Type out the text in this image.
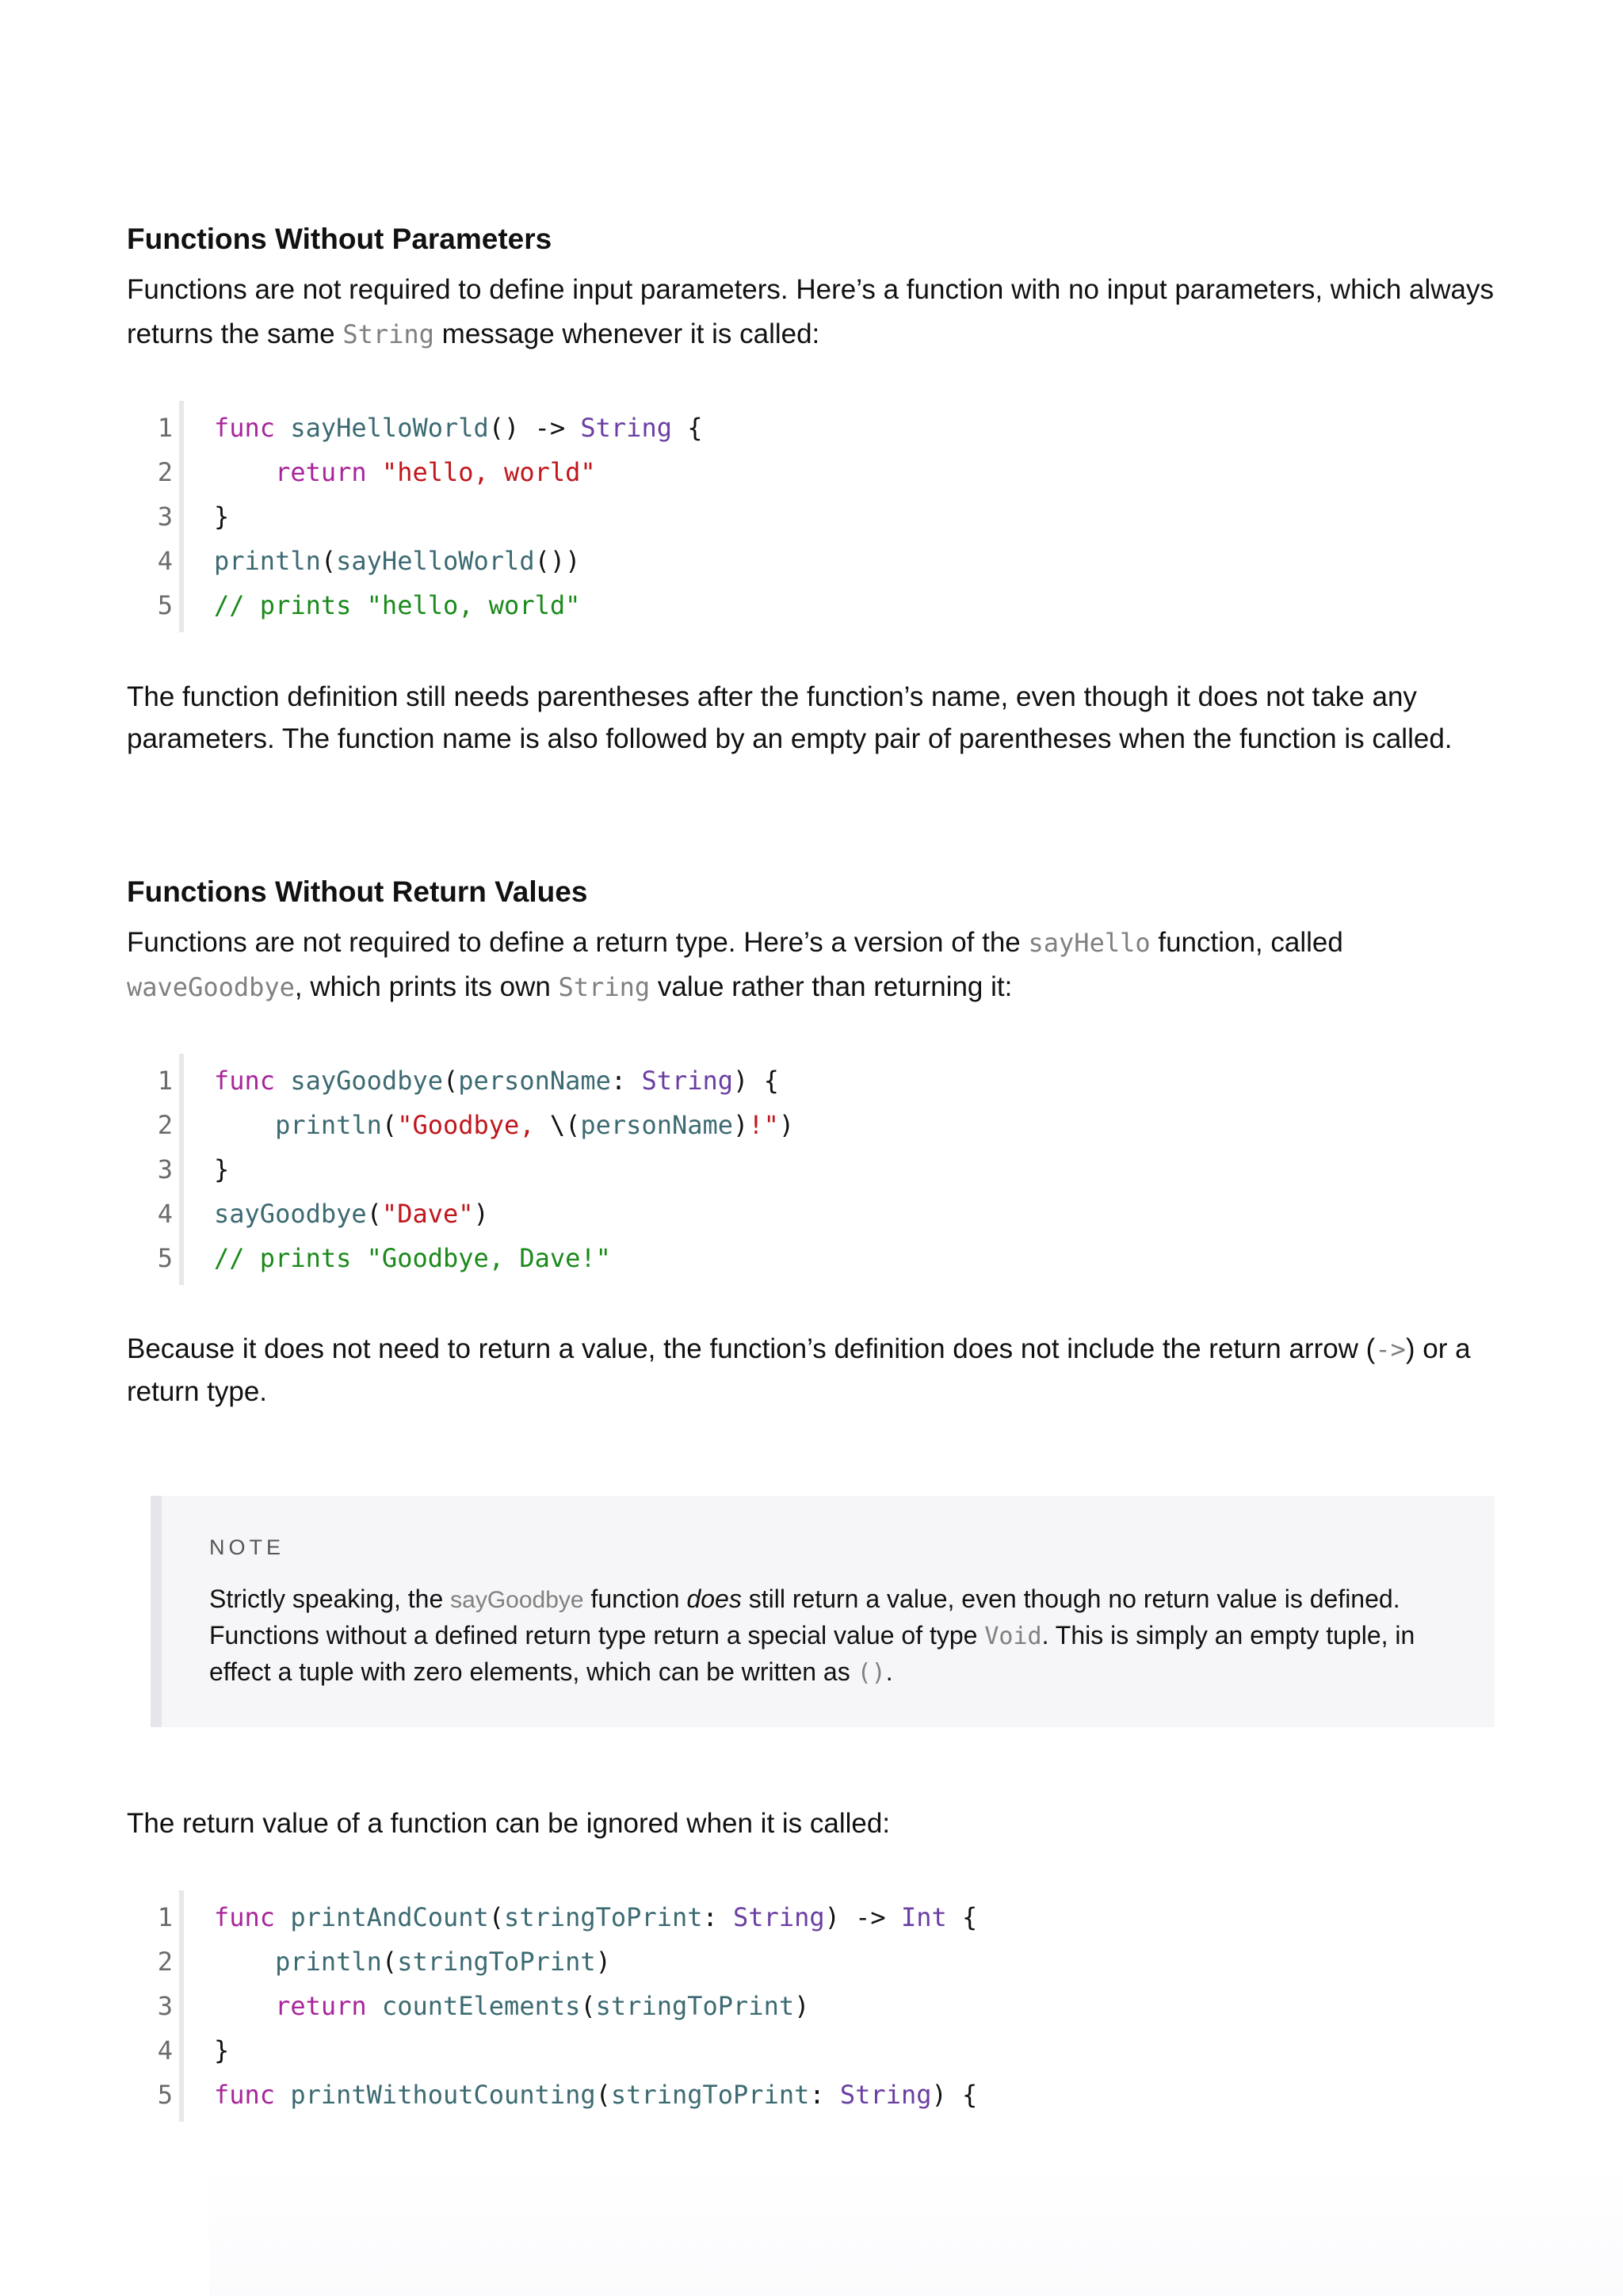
Functions Without Parameters

Functions are not required to define input parameters. Here’s a function with no input parameters, which always returns the same String message whenever it is called:

1 func sayHelloWorld() -> String {
2	return "hello, world"
3 }
4 println(sayHelloWorld())
5 // prints "hello, world"

The function definition still needs parentheses after the function’s name, even though it does not take any parameters. The function name is also followed by an empty pair of parentheses when the function is called.

Functions Without Return Values

Functions are not required to define a return type. Here’s a version of the sayHello function, called waveGoodbye, which prints its own String value rather than returning it:

1 func sayGoodbye(personName: String) {
2	println("Goodbye, \(personName)!")
3 }
4 sayGoodbye("Dave")
5 // prints "Goodbye, Dave!"

Because it does not need to return a value, the function’s definition does not include the return arrow (->) or a return type.

NOTE
Strictly speaking, the sayGoodbye function does still return a value, even though no return value is defined. Functions without a defined return type return a special value of type Void. This is simply an empty tuple, in effect a tuple with zero elements, which can be written as ().

The return value of a function can be ignored when it is called:

1 func printAndCount(stringToPrint: String) -> Int {
2	println(stringToPrint)
3	return countElements(stringToPrint)
4 }
5 func printWithoutCounting(stringToPrint: String) {
